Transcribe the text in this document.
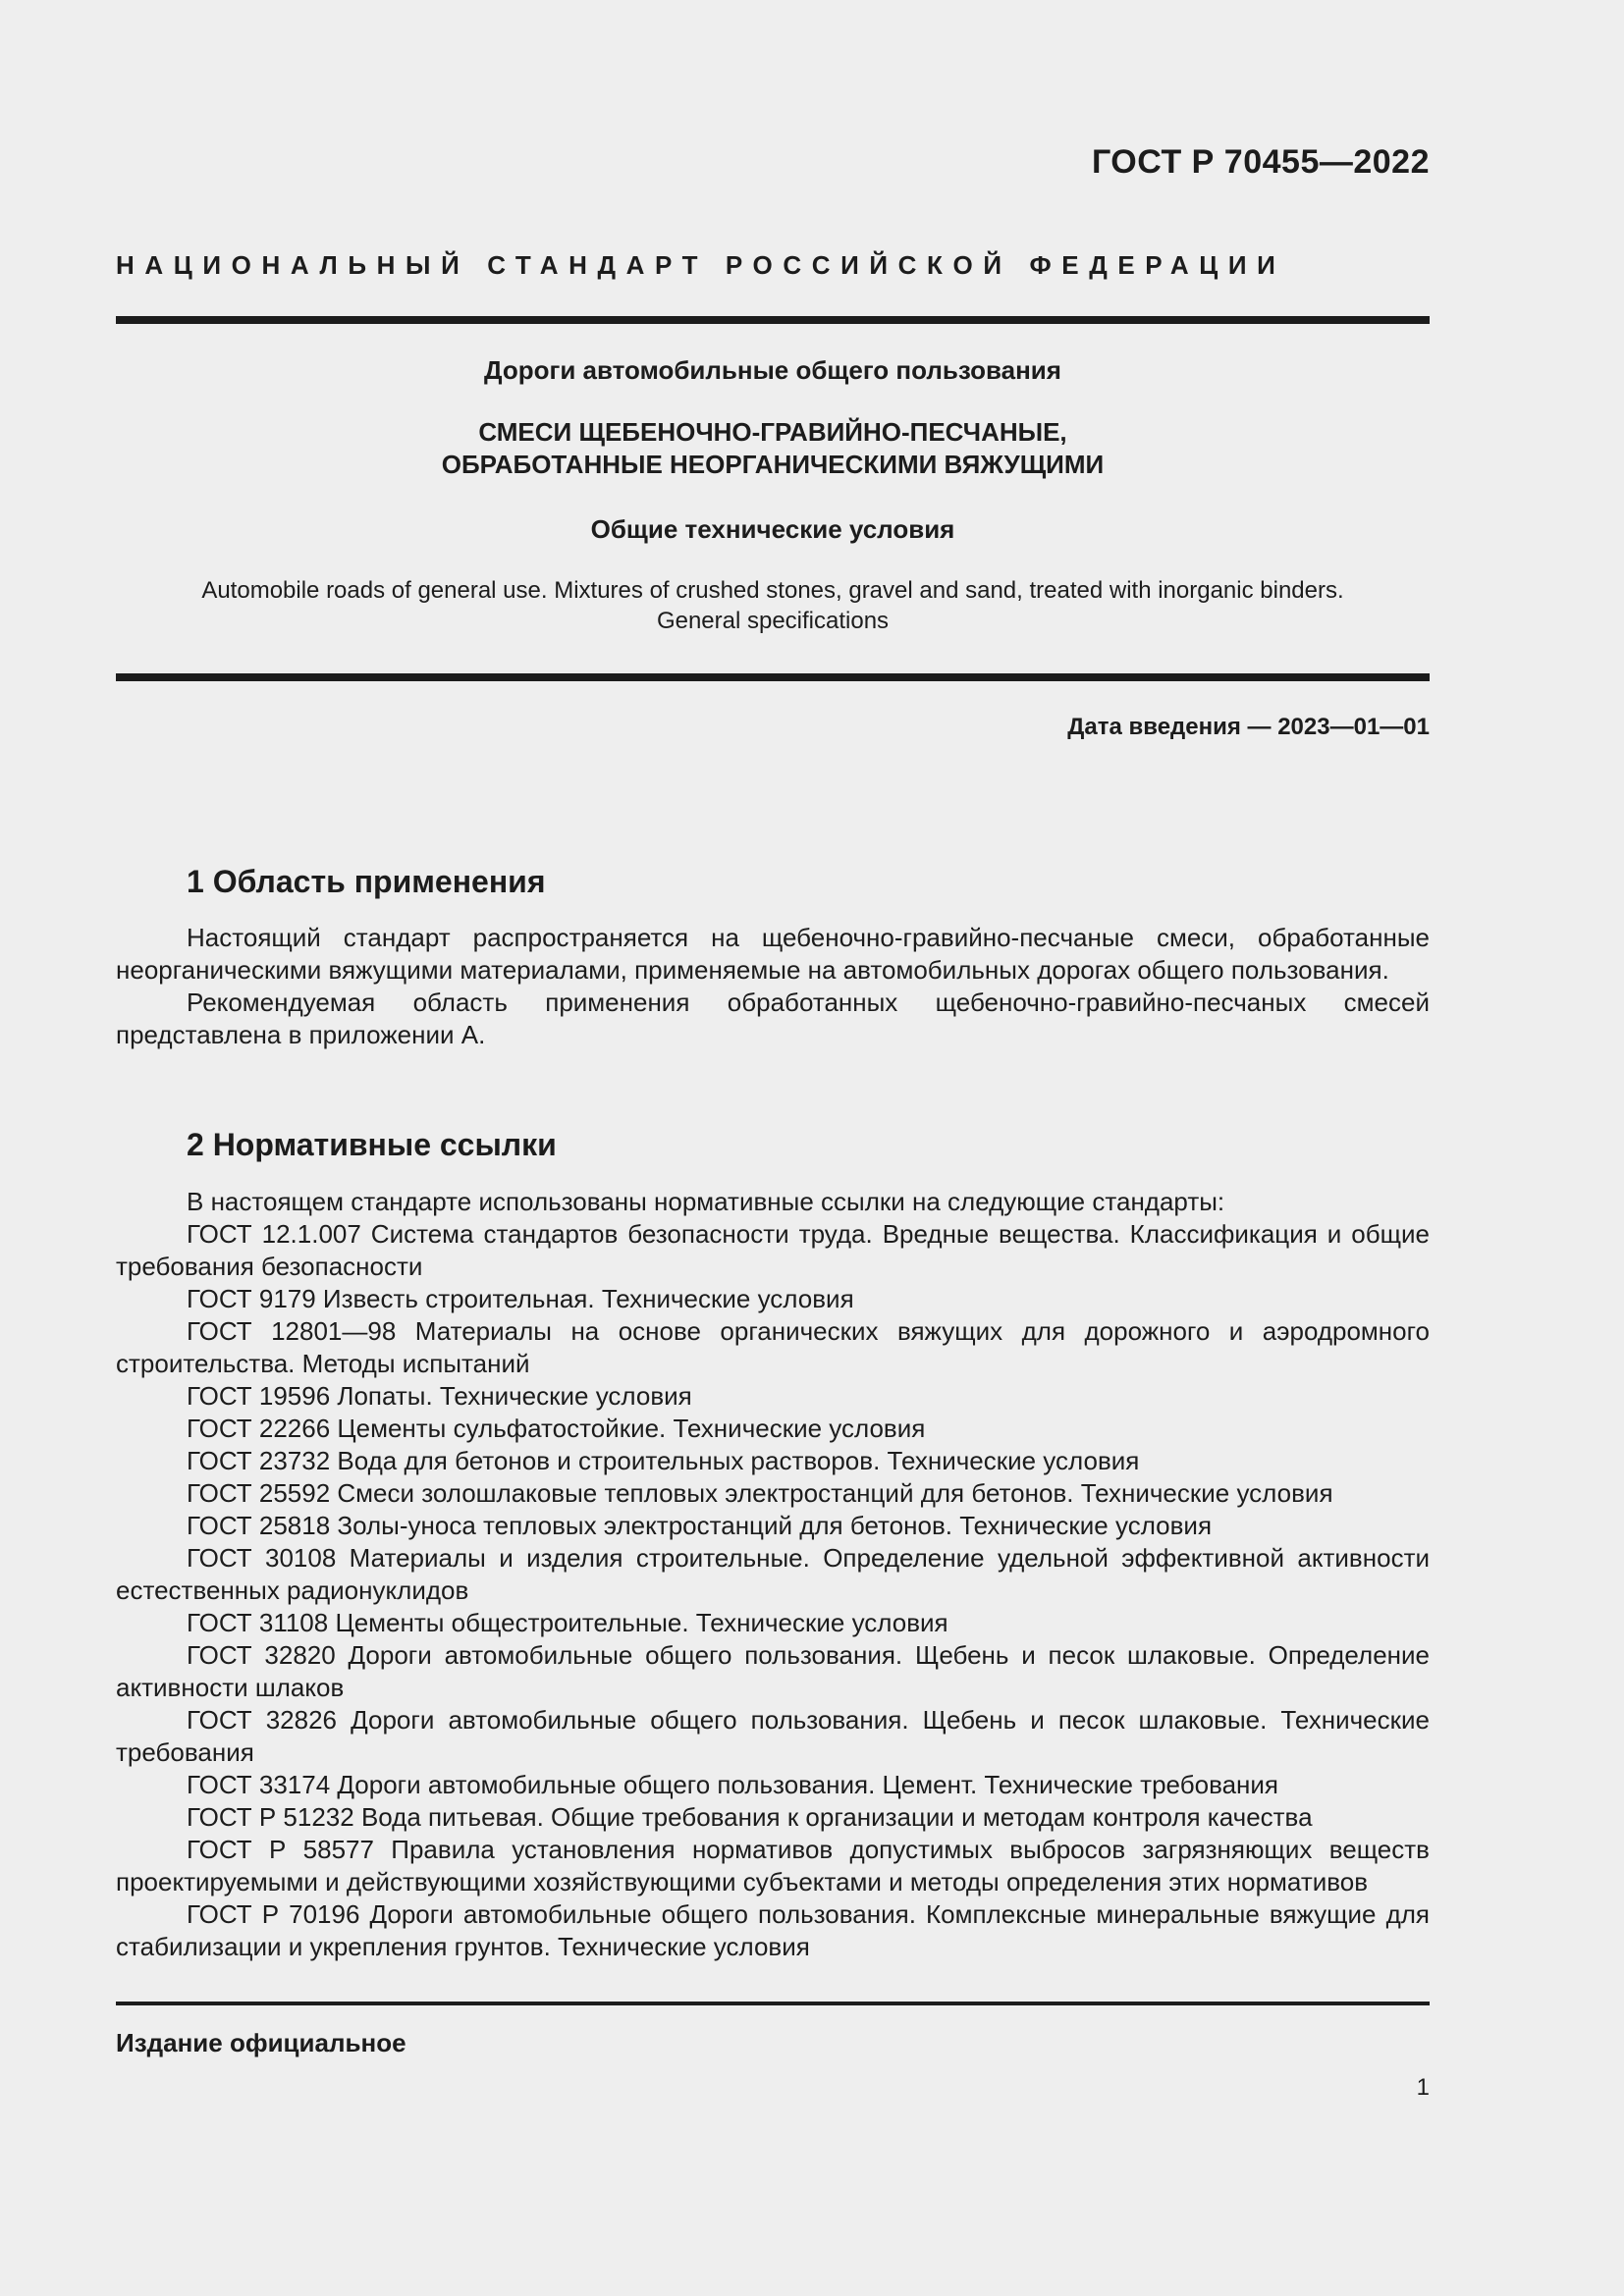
ГОСТ Р 70455—2022
НАЦИОНАЛЬНЫЙ СТАНДАРТ РОССИЙСКОЙ ФЕДЕРАЦИИ
Дороги автомобильные общего пользования
СМЕСИ ЩЕБЕНОЧНО-ГРАВИЙНО-ПЕСЧАНЫЕ,
ОБРАБОТАННЫЕ НЕОРГАНИЧЕСКИМИ ВЯЖУЩИМИ
Общие технические условия
Automobile roads of general use. Mixtures of crushed stones, gravel and sand, treated with inorganic binders.
General specifications
Дата введения — 2023—01—01
1 Область применения

Настоящий стандарт распространяется на щебеночно-гравийно-песчаные смеси, обработанные неорганическими вяжущими материалами, применяемые на автомобильных дорогах общего пользования.

Рекомендуемая область применения обработанных щебеночно-гравийно-песчаных смесей представлена в приложении А.

2 Нормативные ссылки

В настоящем стандарте использованы нормативные ссылки на следующие стандарты:

ГОСТ 12.1.007 Система стандартов безопасности труда. Вредные вещества. Классификация и общие требования безопасности

ГОСТ 9179 Известь строительная. Технические условия

ГОСТ 12801—98 Материалы на основе органических вяжущих для дорожного и аэродромного строительства. Методы испытаний

ГОСТ 19596 Лопаты. Технические условия

ГОСТ 22266 Цементы сульфатостойкие. Технические условия

ГОСТ 23732 Вода для бетонов и строительных растворов. Технические условия

ГОСТ 25592 Смеси золошлаковые тепловых электростанций для бетонов. Технические условия

ГОСТ 25818 Золы-уноса тепловых электростанций для бетонов. Технические условия

ГОСТ 30108 Материалы и изделия строительные. Определение удельной эффективной активности естественных радионуклидов

ГОСТ 31108 Цементы общестроительные. Технические условия

ГОСТ 32820 Дороги автомобильные общего пользования. Щебень и песок шлаковые. Определение активности шлаков

ГОСТ 32826 Дороги автомобильные общего пользования. Щебень и песок шлаковые. Технические требования

ГОСТ 33174 Дороги автомобильные общего пользования. Цемент. Технические требования

ГОСТ Р 51232 Вода питьевая. Общие требования к организации и методам контроля качества

ГОСТ Р 58577 Правила установления нормативов допустимых выбросов загрязняющих веществ проектируемыми и действующими хозяйствующими субъектами и методы определения этих нормативов

ГОСТ Р 70196 Дороги автомобильные общего пользования. Комплексные минеральные вяжущие для стабилизации и укрепления грунтов. Технические условия

Издание официальное
1
